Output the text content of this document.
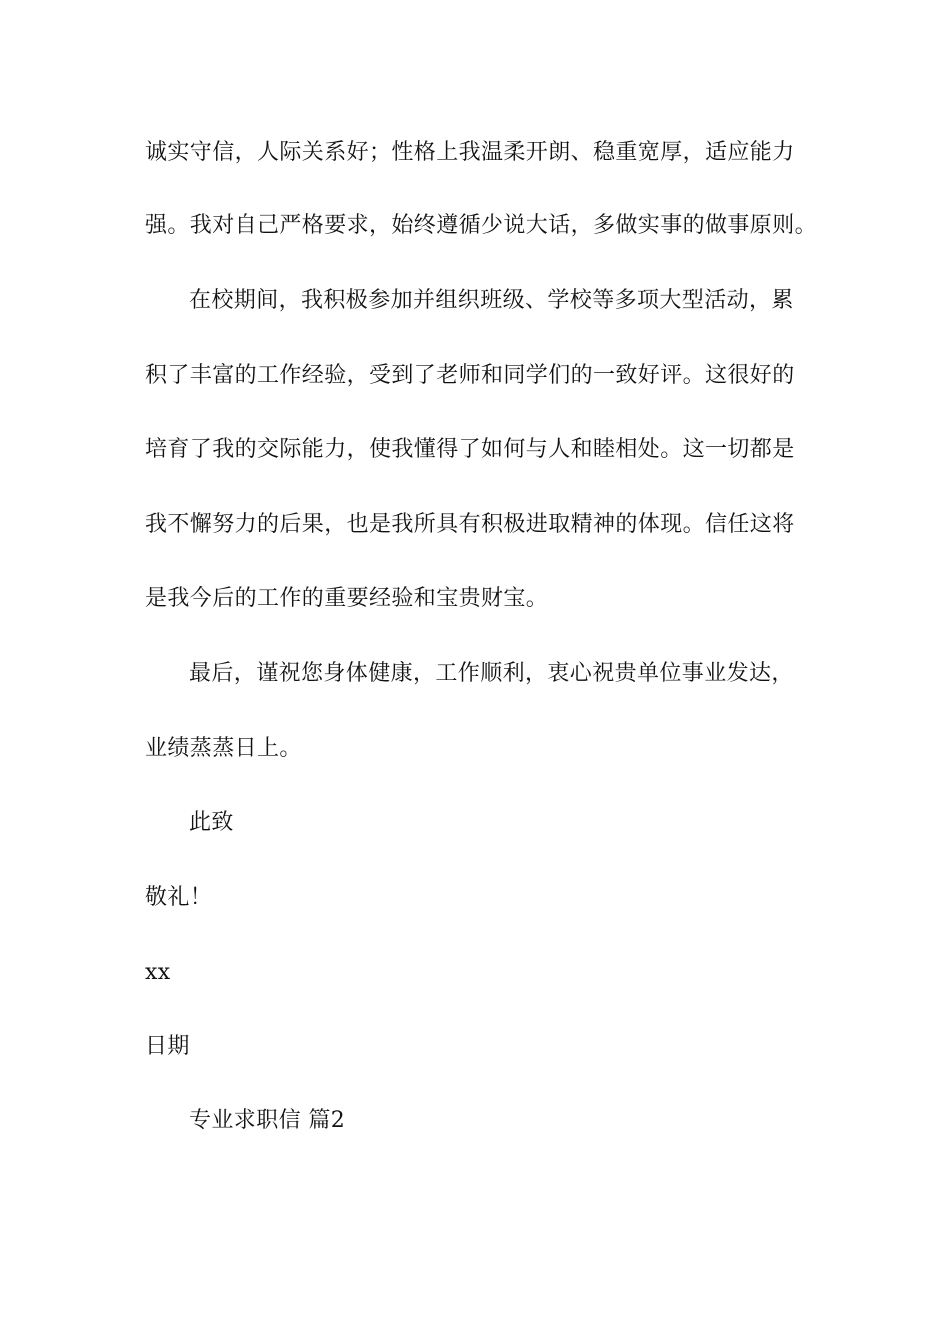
诚实守信，人际关系好；性格上我温柔开朗、稳重宽厚，适应能力
强。我对自己严格要求，始终遵循少说大话，多做实事的做事原则。
在校期间，我积极参加并组织班级、学校等多项大型活动，累
积了丰富的工作经验，受到了老师和同学们的一致好评。这很好的
培育了我的交际能力，使我懂得了如何与人和睦相处。这一切都是
我不懈努力的后果，也是我所具有积极进取精神的体现。信任这将
是我今后的工作的重要经验和宝贵财宝。
最后，谨祝您身体健康，工作顺利，衷心祝贵单位事业发达，
业绩蒸蒸日上。
此致
敬礼！
xx
日期
专业求职信 篇2
